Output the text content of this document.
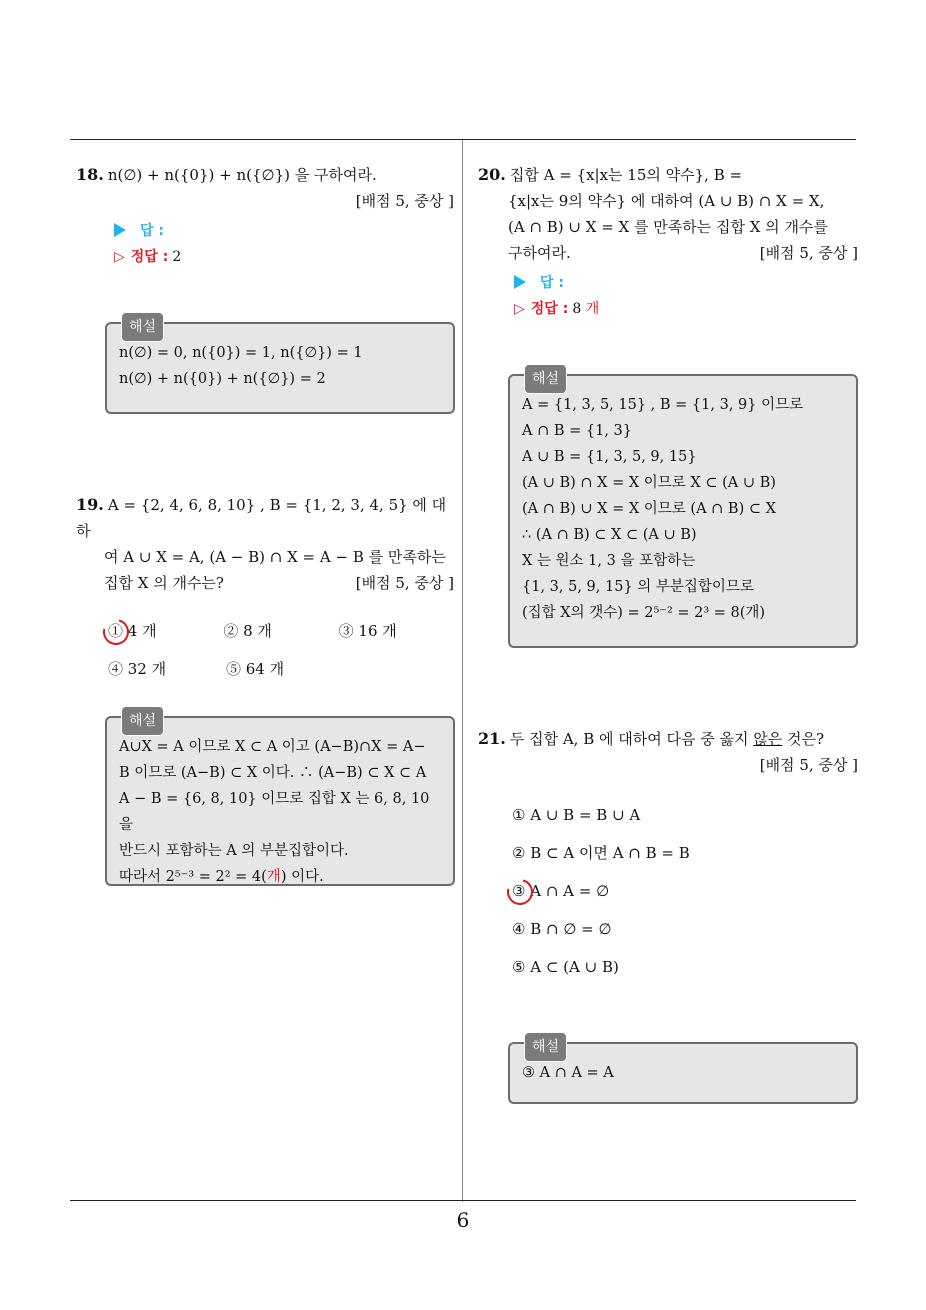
18. n(∅) + n({0}) + n({∅}) 을 구하여라.
[배점 5, 중상 ]
답 :
▷ 정답 : 2
해설
n(∅) = 0, n({0}) = 1, n({∅}) = 1
n(∅) + n({0}) + n({∅}) = 2
19. A = {2, 4, 6, 8, 10} , B = {1, 2, 3, 4, 5} 에 대하
여 A ∪ X = A, (A − B) ∩ X = A − B 를 만족하는
집합 X 의 개수는?	[배점 5, 중상 ]
① 4 개	② 8 개	③ 16 개
④ 32 개	⑤ 64 개
해설
A∪X = A 이므로 X ⊂ A 이고 (A−B)∩X = A−
B 이므로 (A−B) ⊂ X 이다. ∴ (A−B) ⊂ X ⊂ A
A − B = {6, 8, 10} 이므로 집합 X 는 6, 8, 10 을
반드시 포함하는 A 의 부분집합이다.
따라서 2⁵⁻³ = 2² = 4(개) 이다.
20. 집합 A = {x|x는 15의 약수}, B =
{x|x는 9의 약수} 에 대하여 (A ∪ B) ∩ X = X,
(A ∩ B) ∪ X = X 를 만족하는 집합 X 의 개수를
구하여라.	[배점 5, 중상 ]
답 :
▷ 정답 : 8 개
해설
A = {1, 3, 5, 15} , B = {1, 3, 9} 이므로
A ∩ B = {1, 3}
A ∪ B = {1, 3, 5, 9, 15}
(A ∪ B) ∩ X = X 이므로 X ⊂ (A ∪ B)
(A ∩ B) ∪ X = X 이므로 (A ∩ B) ⊂ X
∴ (A ∩ B) ⊂ X ⊂ (A ∪ B)
X 는 원소 1, 3 을 포함하는
{1, 3, 5, 9, 15} 의 부분집합이므로
(집합 X의 갯수) = 2⁵⁻² = 2³ = 8(개)
21. 두 집합 A, B 에 대하여 다음 중 옳지 않은 것은?
[배점 5, 중상 ]
① A ∪ B = B ∪ A
② B ⊂ A 이면 A ∩ B = B
③ A ∩ A = ∅
④ B ∩ ∅ = ∅
⑤ A ⊂ (A ∪ B)
해설
③ A ∩ A = A
6
